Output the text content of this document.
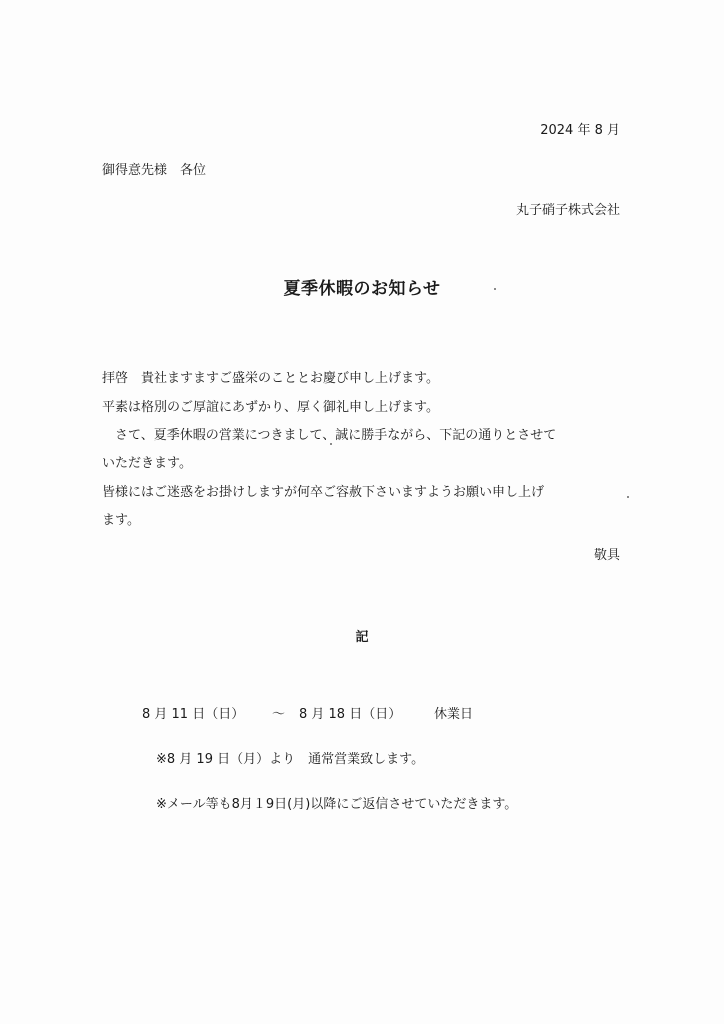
2024 年 8 月
御得意先様　各位
丸子硝子株式会社
夏季休暇のお知らせ
拝啓　貴社ますますご盛栄のこととお慶び申し上げます。
平素は格別のご厚誼にあずかり、厚く御礼申し上げます。
　さて、夏季休暇の営業につきまして、誠に勝手ながら、下記の通りとさせて
いただきます。
皆様にはご迷惑をお掛けしますが何卒ご容赦下さいますようお願い申し上げ
ます。
敬具
記
8 月 11 日（日） ～ 8 月 18 日（日）	休業日
※8 月 19 日（月）より　通常営業致します。
※メール等も8月１9日(月)以降にご返信させていただきます。
